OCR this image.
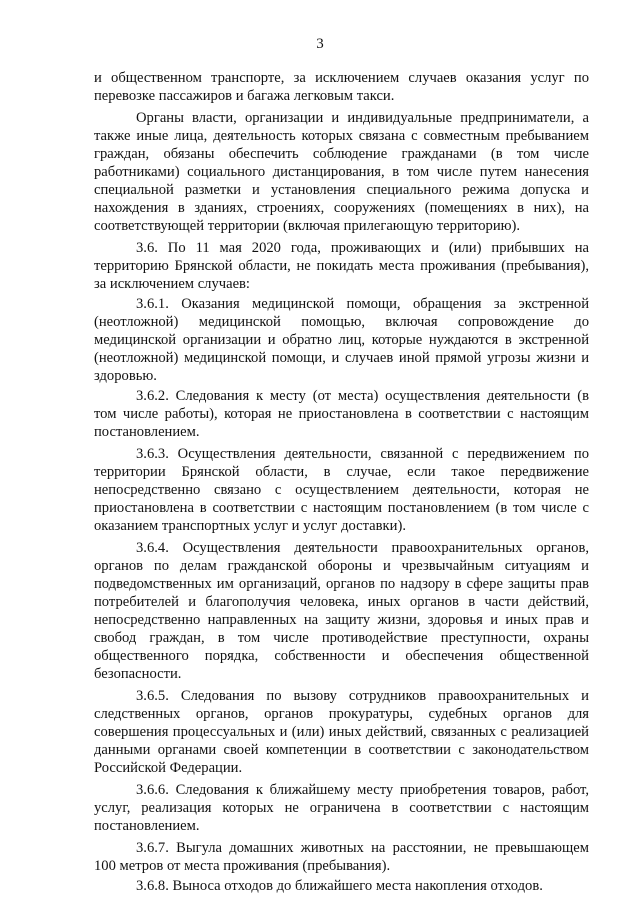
3

и общественном транспорте, за исключением случаев оказания услуг по перевозке пассажиров и багажа легковым такси.

Органы власти, организации и индивидуальные предприниматели, а также иные лица, деятельность которых связана с совместным пребыванием граждан, обязаны обеспечить соблюдение гражданами (в том числе работниками) социального дистанцирования, в том числе путем нанесения специальной разметки и установления специального режима допуска и нахождения в зданиях, строениях, сооружениях (помещениях в них), на соответствующей территории (включая прилегающую территорию).

3.6. По 11 мая 2020 года, проживающих и (или) прибывших на территорию Брянской области, не покидать места проживания (пребывания), за исключением случаев:

3.6.1. Оказания медицинской помощи, обращения за экстренной (неотложной) медицинской помощью, включая сопровождение до медицинской организации и обратно лиц, которые нуждаются в экстренной (неотложной) медицинской помощи, и случаев иной прямой угрозы жизни и здоровью.

3.6.2. Следования к месту (от места) осуществления деятельности (в том числе работы), которая не приостановлена в соответствии с настоящим постановлением.

3.6.3. Осуществления деятельности, связанной с передвижением по территории Брянской области, в случае, если такое передвижение непосредственно связано с осуществлением деятельности, которая не приостановлена в соответствии с настоящим постановлением (в том числе с оказанием транспортных услуг и услуг доставки).

3.6.4. Осуществления деятельности правоохранительных органов, органов по делам гражданской обороны и чрезвычайным ситуациям и подведомственных им организаций, органов по надзору в сфере защиты прав потребителей и благополучия человека, иных органов в части действий, непосредственно направленных на защиту жизни, здоровья и иных прав и свобод граждан, в том числе противодействие преступности, охраны общественного порядка, собственности и обеспечения общественной безопасности.

3.6.5. Следования по вызову сотрудников правоохранительных и следственных органов, органов прокуратуры, судебных органов для совершения процессуальных и (или) иных действий, связанных с реализацией данными органами своей компетенции в соответствии с законодательством Российской Федерации.

3.6.6. Следования к ближайшему месту приобретения товаров, работ, услуг, реализация которых не ограничена в соответствии с настоящим постановлением.

3.6.7. Выгула домашних животных на расстоянии, не превышающем 100 метров от места проживания (пребывания).

3.6.8. Выноса отходов до ближайшего места накопления отходов.
